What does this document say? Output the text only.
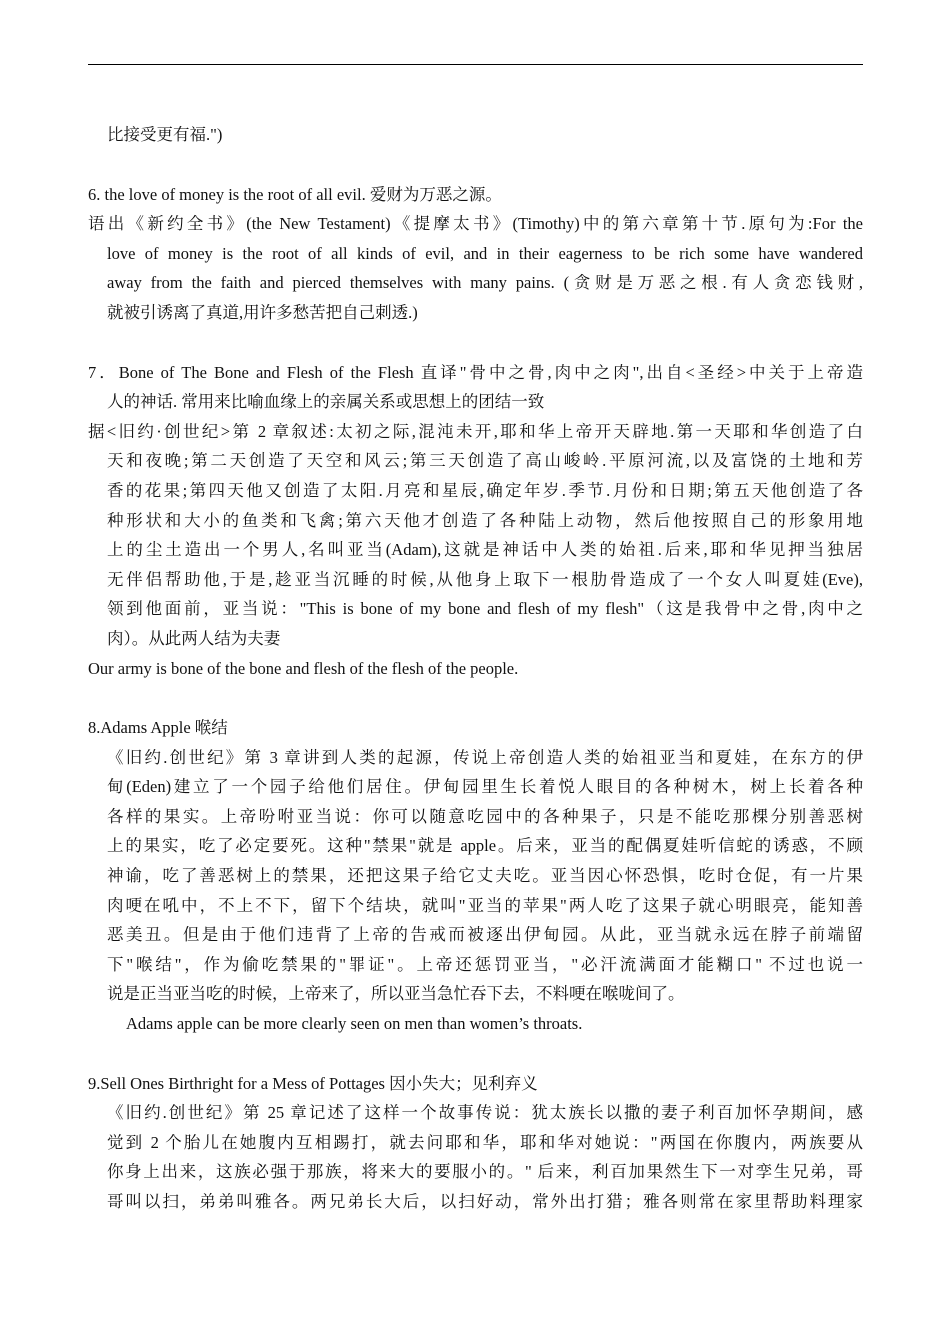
比接受更有福.")
6. the love of money is the root of all evil. 爱财为万恶之源。
语出《新约全书》(the New Testament)《提摩太书》(Timothy)中的第六章第十节.原句为:For the
love of money is the root of all kinds of evil, and in their eagerness to be rich some have wandered
away from the faith and pierced themselves with many pains. (贪财是万恶之根.有人贪恋钱财,
就被引诱离了真道,用许多愁苦把自己刺透.)
7．Bone of The Bone and Flesh of the Flesh 直译"骨中之骨,肉中之肉",出自<圣经>中关于上帝造
人的神话. 常用来比喻血缘上的亲属关系或思想上的团结一致
据<旧约·创世纪>第 2 章叙述:太初之际,混沌未开,耶和华上帝开天辟地.第一天耶和华创造了白
天和夜晚;第二天创造了天空和风云;第三天创造了高山峻岭.平原河流,以及富饶的土地和芳
香的花果;第四天他又创造了太阳.月亮和星辰,确定年岁.季节.月份和日期;第五天他创造了各
种形状和大小的鱼类和飞禽;第六天他才创造了各种陆上动物，然后他按照自己的形象用地
上的尘土造出一个男人,名叫亚当(Adam),这就是神话中人类的始祖.后来,耶和华见押当独居
无伴侣帮助他,于是,趁亚当沉睡的时候,从他身上取下一根肋骨造成了一个女人叫夏娃(Eve),
领到他面前，亚当说："This is bone of my bone and flesh of my flesh"（这是我骨中之骨,肉中之
肉）。从此两人结为夫妻
Our army is bone of the bone and flesh of the flesh of the people.
8.Adams Apple 喉结
《旧约.创世纪》第 3 章讲到人类的起源，传说上帝创造人类的始祖亚当和夏娃，在东方的伊
甸(Eden)建立了一个园子给他们居住。伊甸园里生长着悦人眼目的各种树木，树上长着各种
各样的果实。上帝吩咐亚当说：你可以随意吃园中的各种果子，只是不能吃那棵分别善恶树
上的果实，吃了必定要死。这种"禁果"就是 apple。后来，亚当的配偶夏娃听信蛇的诱惑，不顾
神谕，吃了善恶树上的禁果，还把这果子给它丈夫吃。亚当因心怀恐惧，吃时仓促，有一片果
肉哽在吼中，不上不下，留下个结块，就叫"亚当的苹果"两人吃了这果子就心明眼亮，能知善
恶美丑。但是由于他们违背了上帝的告戒而被逐出伊甸园。从此，亚当就永远在脖子前端留
下"喉结"，作为偷吃禁果的"罪证"。上帝还惩罚亚当，"必汗流满面才能糊口" 不过也说一
说是正当亚当吃的时候，上帝来了，所以亚当急忙吞下去，不料哽在喉咙间了。
Adams apple can be more clearly seen on men than women’s throats.
9.Sell Ones Birthright for a Mess of Pottages 因小失大；见利弃义
《旧约.创世纪》第 25 章记述了这样一个故事传说：犹太族长以撒的妻子利百加怀孕期间，感
觉到 2 个胎儿在她腹内互相踢打，就去问耶和华，耶和华对她说："两国在你腹内，两族要从
你身上出来，这族必强于那族，将来大的要服小的。" 后来，利百加果然生下一对孪生兄弟，哥
哥叫以扫，弟弟叫雅各。两兄弟长大后，以扫好动，常外出打猎；雅各则常在家里帮助料理家
